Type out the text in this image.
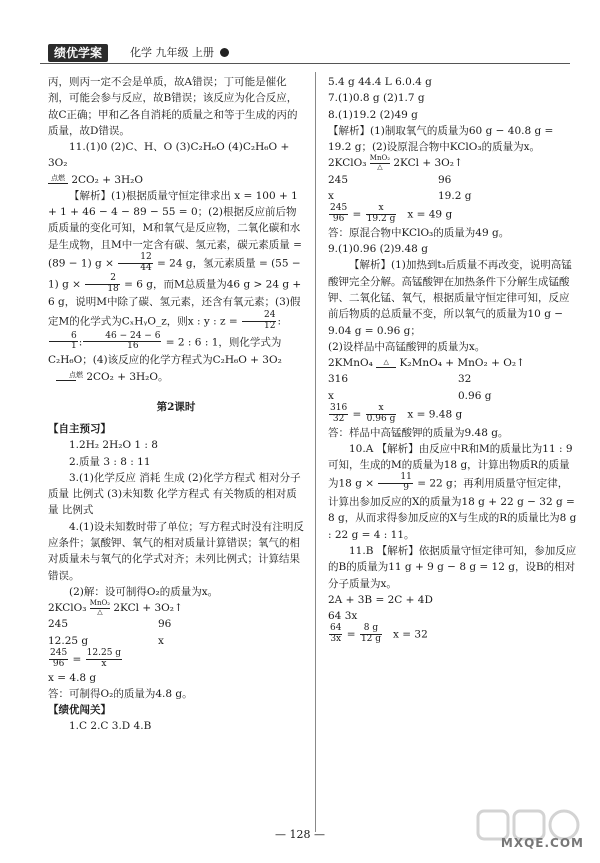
绩优学案	化学 九年级 上册

丙，则丙一定不会是单质，故A错误；丁可能是催化剂，可能会参与反应，故B错误；该反应为化合反应，故C正确；甲和乙各自消耗的质量之和等于生成的丙的质量，故D错误。

11.(1)0 (2)C、H、O (3)C₂H₆O (4)C₂H₆O + 3O₂

点燃 2CO₂ + 3H₂O

【解析】(1)根据质量守恒定律求出 x = 100 + 1 + 1 + 46 − 4 − 89 − 55 = 0；(2)根据反应前后物质质量的变化可知，M和氧气是反应物，二氧化碳和水是生成物，且M中一定含有碳、氢元素，碳元素质量 = (89 − 1) $g \times \frac{12}{44} = 24$ g，氢元素质量 = (55 − 1) $g \times \frac{2}{18} = 6$ g，而M总质量为46 g > 24 g + 6 g，说明M中除了碳、氢元素，还含有氧元素；(3)假定M的化学式为CₓHᵧO_z，则x : y : $z = \frac{24}{12}$ :
$\frac{6}{1}$ : $\frac{46 - 24 - 6}{16} = 2$ : 6 : 1，则化学式为C₂H₆O；(4)该反应的化学方程式为C₂H₆O + 3O₂
点燃 2CO₂ + 3H₂O。

第2课时

【自主预习】

1.2H₂ 2H₂O 1 : 8

2.质量 3 : 8 : 11

3.(1)化学反应 消耗 生成 (2)化学方程式 相对分子质量 比例式 (3)未知数 化学方程式 有关物质的相对质量 比例式

4.(1)设未知数时带了单位；写方程式时没有注明反应条件；氯酸钾、氧气的相对质量计算错误；氧气的相对质量未与氧气的化学式对齐；未列比例式；计算结果错误。

(2)解：设可制得O₂的质量为x。

2KClO₃ MnO₂
△	2KCl + 3O₂↑

245	96

12.25 g	x

$\frac{245}{96} = \frac{12.25 g}{x}$

x = 4.8 g

答：可制得O₂的质量为4.8 g。

【绩优闯关】

1.C 2.C 3.D 4.B

5.4 g 44.4 L 6.0.4 g

7.(1)0.8 g (2)1.7 g

8.(1)19.2 (2)49 g

【解析】(1)制取氧气的质量为60 g − 40.8 g = 19.2 g；(2)设原混合物中KClO₃的质量为x。

2KClO₃ MnO₂
△	2KCl + 3O₂↑

245	96

x	19.2 g

$\frac{245}{96} = \frac{x}{19.2 g}$ x = 49 g

答：原混合物中KClO₃的质量为49 g。

9.(1)0.96 (2)9.48 g

【解析】(1)加热到t₃后质量不再改变，说明高锰酸钾完全分解。高锰酸钾在加热条件下分解生成锰酸钾、二氧化锰、氧气，根据质量守恒定律可知，反应前后物质的总质量不变，所以氧气的质量为10 g − 9.04 g = 0.96 g；

(2)设样品中高锰酸钾的质量为x。

2KMnO₄	△	K₂MnO₄ + MnO₂ + O₂↑

316	32

x	0.96 g

$\frac{316}{32} = \frac{x}{0.96 g}$ x = 9.48 g

答：样品中高锰酸钾的质量为9.48 g。

10.A 【解析】由反应中R和M的质量比为11 : 9可知，生成的M的质量为18 g，计算出物质R的质量为18 $g \times \frac{11}{9} = 22$ g；再利用质量守恒定律，计算出参加反应的X的质量为18 g + 22 g − 32 g = 8 g，从而求得参加反应的X与生成的R的质量比为8 g : 22 g = 4 : 11。

11.B 【解析】依据质量守恒定律可知，参加反应的B的质量为11 g + 9 g − 8 g = 12 g，设B的相对分子质量为x。

2A + 3B = 2C + 4D

64 3x

$\frac{64}{3x} = \frac{8 g}{12 g}$ x = 32

— 128 —
MXQE.COM
